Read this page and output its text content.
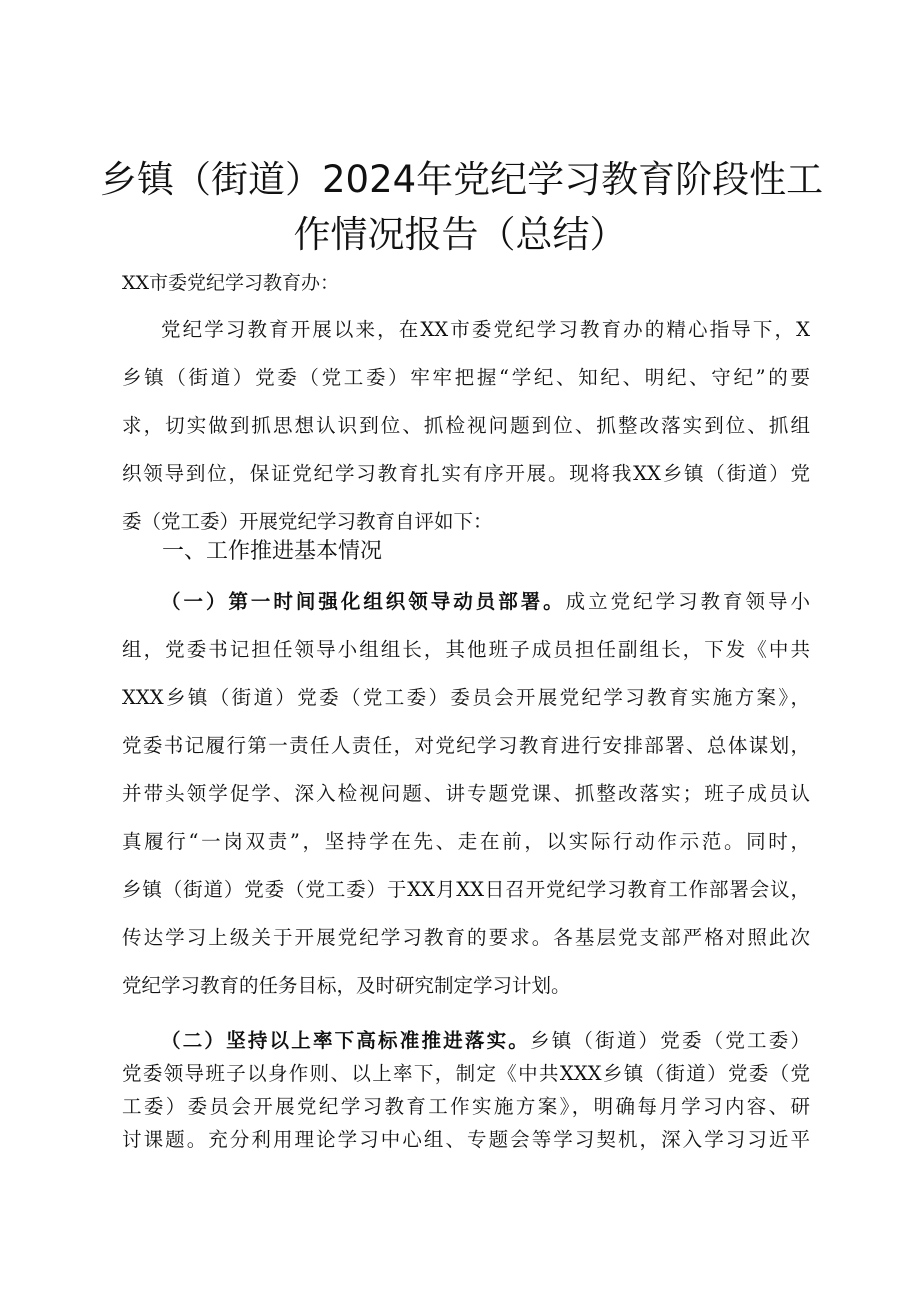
乡镇（街道）2024年党纪学习教育阶段性工
作情况报告（总结）
XX市委党纪学习教育办：
党纪学习教育开展以来，在XX市委党纪学习教育办的精心指导下，X
乡镇（街道）党委（党工委）牢牢把握“学纪、知纪、明纪、守纪”的要
求，切实做到抓思想认识到位、抓检视问题到位、抓整改落实到位、抓组
织领导到位，保证党纪学习教育扎实有序开展。现将我XX乡镇（街道）党
委（党工委）开展党纪学习教育自评如下：
一、工作推进基本情况
（一）第一时间强化组织领导动员部署。成立党纪学习教育领导小
组，党委书记担任领导小组组长，其他班子成员担任副组长，下发《中共
XXX乡镇（街道）党委（党工委）委员会开展党纪学习教育实施方案》，
党委书记履行第一责任人责任，对党纪学习教育进行安排部署、总体谋划，
并带头领学促学、深入检视问题、讲专题党课、抓整改落实；班子成员认
真履行“一岗双责”，坚持学在先、走在前，以实际行动作示范。同时，
乡镇（街道）党委（党工委）于XX月XX日召开党纪学习教育工作部署会议，
传达学习上级关于开展党纪学习教育的要求。各基层党支部严格对照此次
党纪学习教育的任务目标，及时研究制定学习计划。
（二）坚持以上率下高标准推进落实。乡镇（街道）党委（党工委）
党委领导班子以身作则、以上率下，制定《中共XXX乡镇（街道）党委（党
工委）委员会开展党纪学习教育工作实施方案》，明确每月学习内容、研
讨课题。充分利用理论学习中心组、专题会等学习契机，深入学习习近平
